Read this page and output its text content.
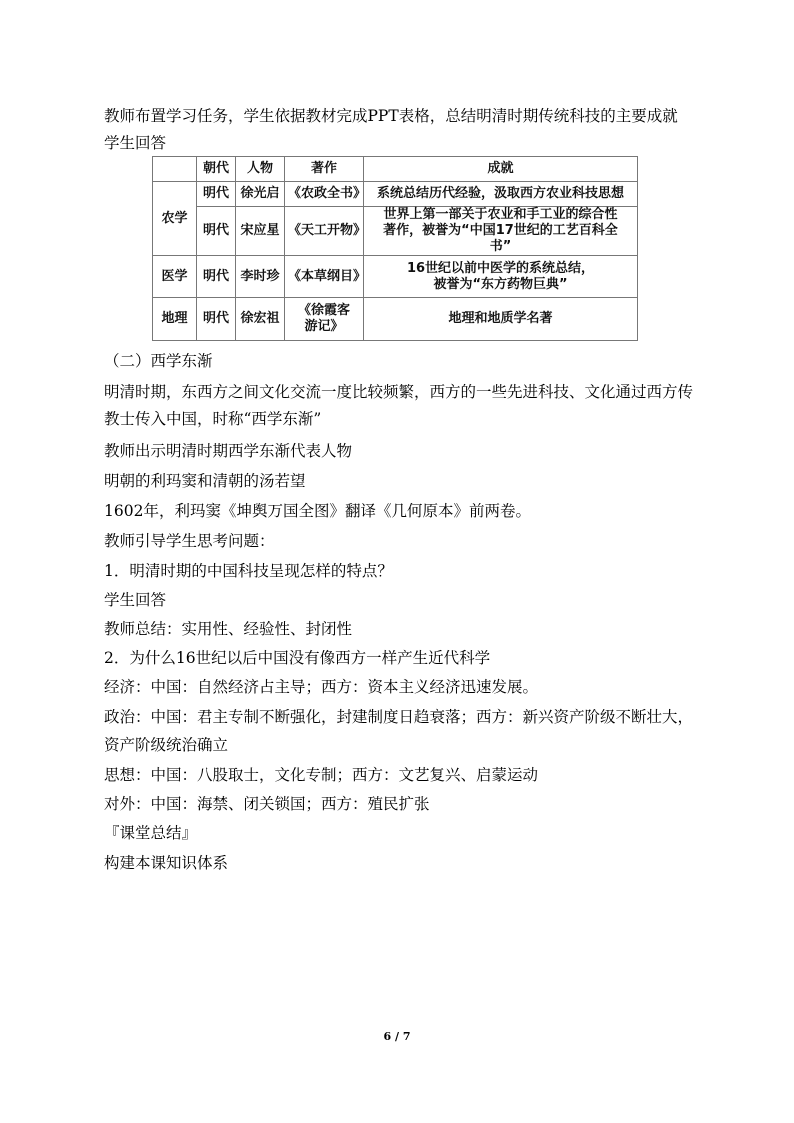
教师布置学习任务，学生依据教材完成PPT表格，总结明清时期传统科技的主要成就
学生回答
	朝代	人物	著作	成就
农学	明代	徐光启	《农政全书》	系统总结历代经验，汲取西方农业科技思想
	明代	宋应星	《天工开物》	世界上第一部关于农业和手工业的综合性著作，被誉为“中国17世纪的工艺百科全书”
医学	明代	李时珍	《本草纲目》	16世纪以前中医学的系统总结，被誉为“东方药物巨典”
地理	明代	徐宏祖	《徐霞客游记》	地理和地质学名著
（二）西学东渐
明清时期，东西方之间文化交流一度比较频繁，西方的一些先进科技、文化通过西方传
教士传入中国，时称“西学东渐”
教师出示明清时期西学东渐代表人物
明朝的利玛窦和清朝的汤若望
1602年，利玛窦《坤舆万国全图》翻译《几何原本》前两卷。
教师引导学生思考问题：
1．明清时期的中国科技呈现怎样的特点？
学生回答
教师总结：实用性、经验性、封闭性
2．为什么16世纪以后中国没有像西方一样产生近代科学
经济：中国：自然经济占主导；西方：资本主义经济迅速发展。
政治：中国：君主专制不断强化，封建制度日趋衰落；西方：新兴资产阶级不断壮大，
资产阶级统治确立
思想：中国：八股取士，文化专制；西方：文艺复兴、启蒙运动
对外：中国：海禁、闭关锁国；西方：殖民扩张
『课堂总结』
构建本课知识体系
6 / 7
